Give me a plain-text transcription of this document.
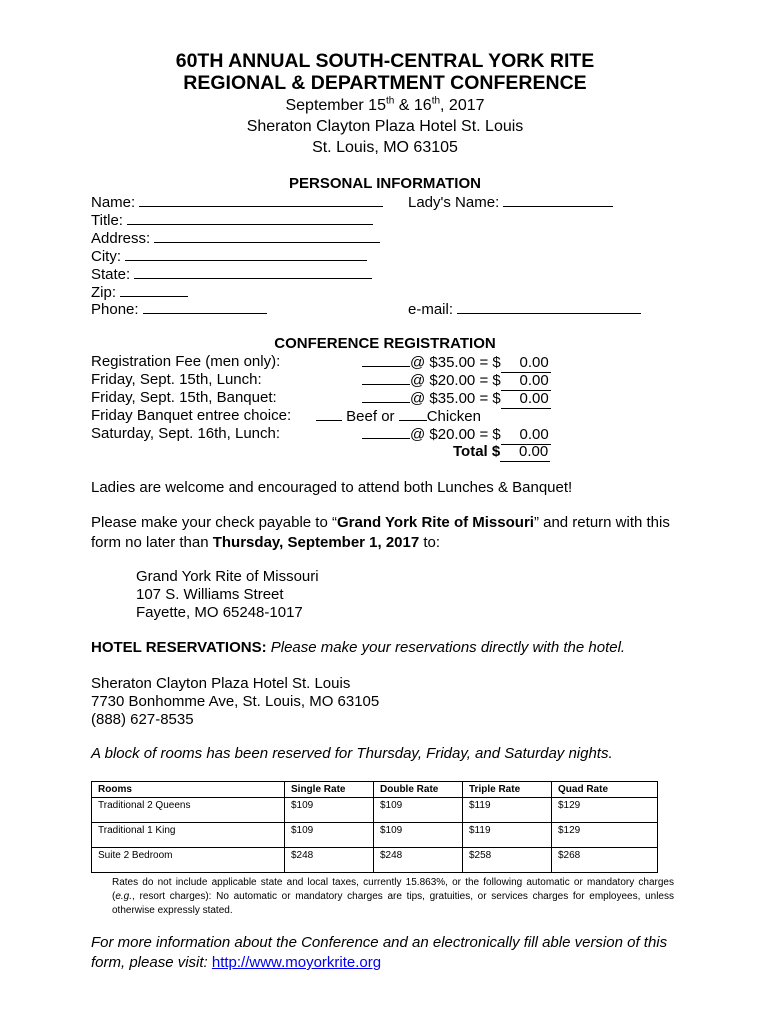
60TH ANNUAL SOUTH-CENTRAL YORK RITE
REGIONAL & DEPARTMENT CONFERENCE
September 15th & 16th, 2017
Sheraton Clayton Plaza Hotel St. Louis
St. Louis, MO 63105
PERSONAL INFORMATION
Name:	Lady's Name:
Title:
Address:
City:
State:
Zip:
Phone:	e-mail:
CONFERENCE REGISTRATION
Registration Fee (men only):	@ $35.00 = $ 0.00
Friday, Sept. 15th, Lunch:	@ $20.00 = $ 0.00
Friday, Sept. 15th, Banquet:	@ $35.00 = $ 0.00
Friday Banquet entree choice:	Beef or Chicken
Saturday, Sept. 16th, Lunch:	@ $20.00 = $ 0.00
Total $ 0.00
Ladies are welcome and encouraged to attend both Lunches & Banquet!
Please make your check payable to “Grand York Rite of Missouri” and return with this form no later than Thursday, September 1, 2017 to:
Grand York Rite of Missouri
107 S. Williams Street
Fayette, MO 65248-1017
HOTEL RESERVATIONS: Please make your reservations directly with the hotel.
Sheraton Clayton Plaza Hotel St. Louis
7730 Bonhomme Ave, St. Louis, MO 63105
(888) 627-8535
A block of rooms has been reserved for Thursday, Friday, and Saturday nights.
Rooms	Single Rate	Double Rate	Triple Rate	Quad Rate
Traditional 2 Queens	$109	$109	$119	$129
Traditional 1 King	$109	$109	$119	$129
Suite 2 Bedroom	$248	$248	$258	$268
Rates do not include applicable state and local taxes, currently 15.863%, or the following automatic or mandatory charges (e.g., resort charges): No automatic or mandatory charges are tips, gratuities, or services charges for employees, unless otherwise expressly stated.
For more information about the Conference and an electronically fill able version of this form, please visit: http://www.moyorkrite.org
